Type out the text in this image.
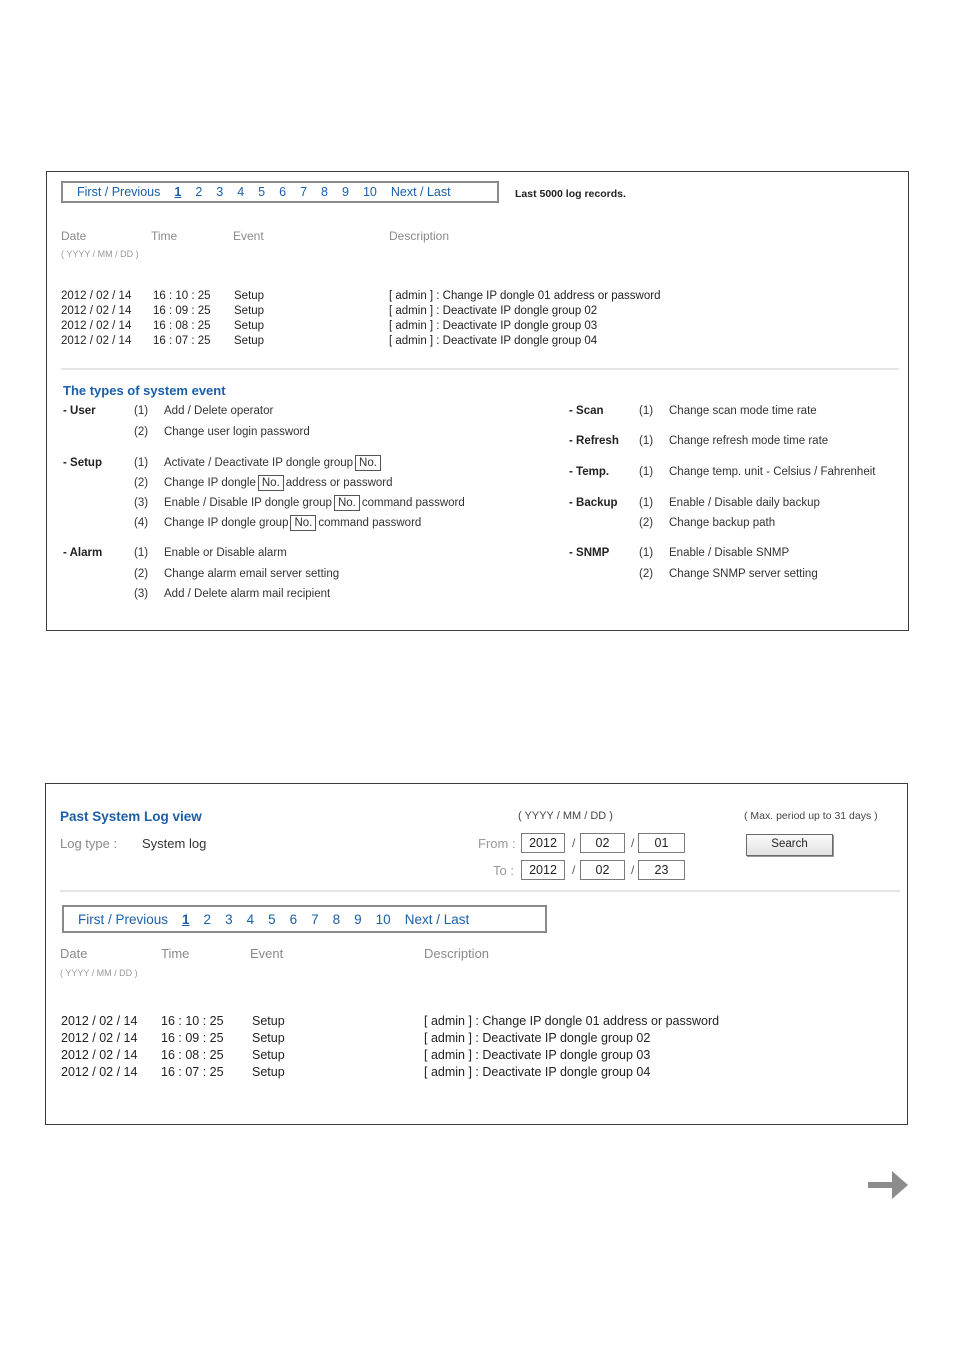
First / Previous 1 2 3 4 5 6 7 8 9 10 Next / Last	Last 5000 log records.
Date	Time	Event	Description
( YYYY / MM / DD )
2012 / 02 / 14 16 : 10 : 25 Setup	[ admin ] : Change IP dongle 01 address or password
2012 / 02 / 14 16 : 09 : 25 Setup	[ admin ] : Deactivate IP dongle group 02
2012 / 02 / 14 16 : 08 : 25 Setup	[ admin ] : Deactivate IP dongle group 03
2012 / 02 / 14 16 : 07 : 25 Setup	[ admin ] : Deactivate IP dongle group 04
The types of system event
- User	(1) Add / Delete operator
(2) Change user login password
- Setup	(1) Activate / Deactivate IP dongle group No.
(2) Change IP dongle No. address or password
(3) Enable / Disable IP dongle group No. command password
(4) Change IP dongle group No. command password
- Alarm	(1) Enable or Disable alarm
(2) Change alarm email server setting
(3) Add / Delete alarm mail recipient
- Scan	(1) Change scan mode time rate
- Refresh (1) Change refresh mode time rate
- Temp.	(1) Change temp. unit - Celsius / Fahrenheit
- Backup (1) Enable / Disable daily backup
(2) Change backup path
- SNMP	(1) Enable / Disable SNMP
(2) Change SNMP server setting
Past System Log view
Log type : System log
( YYYY / MM / DD )	( Max. period up to 31 days )
From :	2012	/	02	/	01
To :	2012	/	02	/	23
Search
First / Previous 1 2 3 4 5 6 7 8 9 10 Next / Last
Date	Time	Event	Description
( YYYY / MM / DD )
2012 / 02 / 14 16 : 10 : 25 Setup	[ admin ] : Change IP dongle 01 address or password
2012 / 02 / 14 16 : 09 : 25 Setup	[ admin ] : Deactivate IP dongle group 02
2012 / 02 / 14 16 : 08 : 25 Setup	[ admin ] : Deactivate IP dongle group 03
2012 / 02 / 14 16 : 07 : 25 Setup	[ admin ] : Deactivate IP dongle group 04
